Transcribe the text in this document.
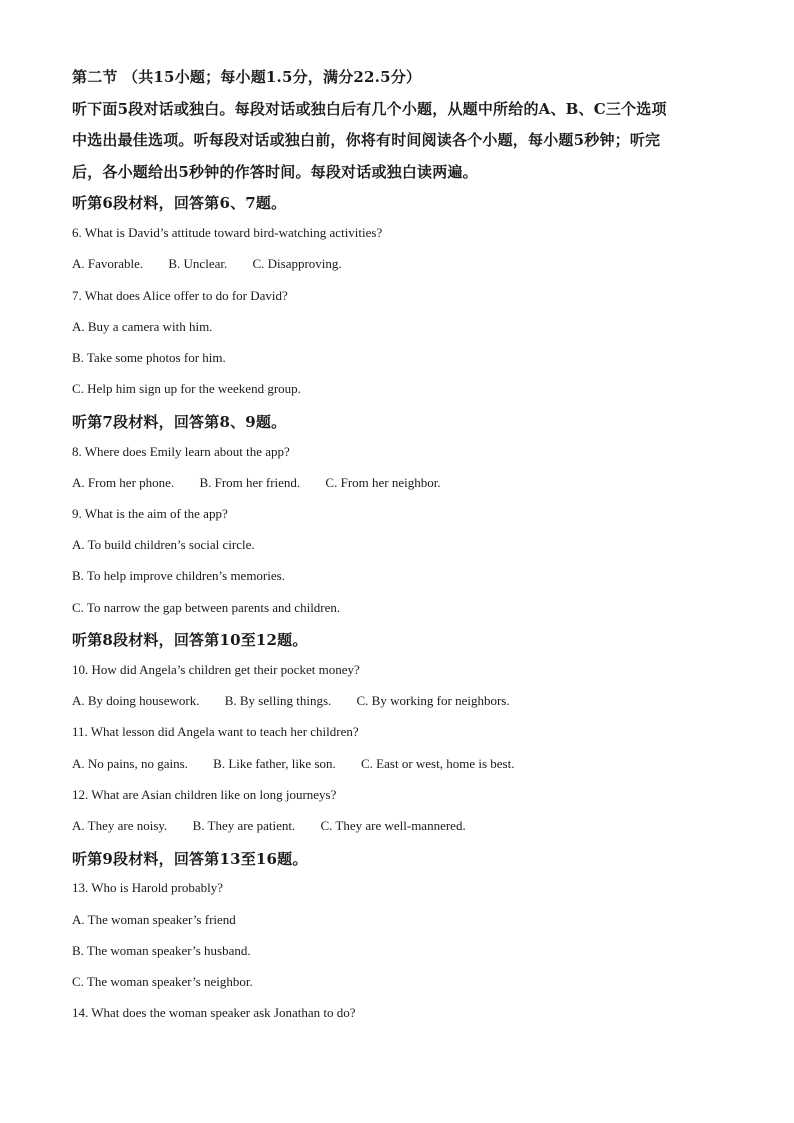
第二节 （共15小题；每小题1.5分，满分22.5分）
听下面5段对话或独白。每段对话或独白后有几个小题，从题中所给的A、B、C三个选项
中选出最佳选项。听每段对话或独白前，你将有时间阅读各个小题，每小题5秒钟；听完
后，各小题给出5秒钟的作答时间。每段对话或独白读两遍。
听第6段材料，回答第6、7题。
6. What is David’s attitude toward bird-watching activities?
A. Favorable. B. Unclear. C. Disapproving.
7. What does Alice offer to do for David?
A. Buy a camera with him.
B. Take some photos for him.
C. Help him sign up for the weekend group.
听第7段材料，回答第8、9题。
8. Where does Emily learn about the app?
A. From her phone. B. From her friend. C. From her neighbor.
9. What is the aim of the app?
A. To build children’s social circle.
B. To help improve children’s memories.
C. To narrow the gap between parents and children.
听第8段材料，回答第10至12题。
10. How did Angela’s children get their pocket money?
A. By doing housework. B. By selling things. C. By working for neighbors.
11. What lesson did Angela want to teach her children?
A. No pains, no gains. B. Like father, like son. C. East or west, home is best.
12. What are Asian children like on long journeys?
A. They are noisy. B. They are patient. C. They are well-mannered.
听第9段材料，回答第13至16题。
13. Who is Harold probably?
A. The woman speaker’s friend
B. The woman speaker’s husband.
C. The woman speaker’s neighbor.
14. What does the woman speaker ask Jonathan to do?
